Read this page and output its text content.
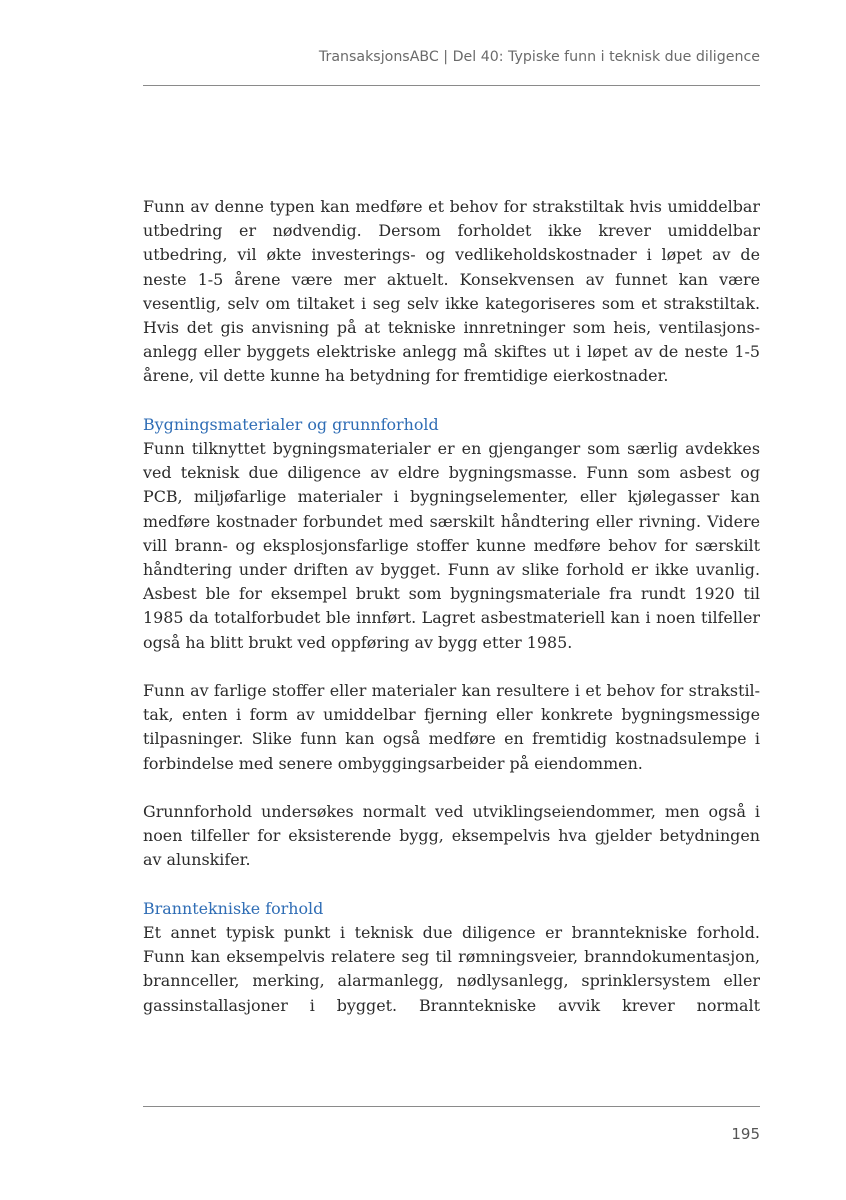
TransaksjonsABC | Del 40: Typiske funn i teknisk due diligence

Funn av denne typen kan medføre et behov for strakstiltak hvis umiddelbar utbedring er nødvendig. Dersom forholdet ikke krever umiddelbar utbedring, vil økte investerings- og vedlikeholdskostnader i løpet av de neste 1-5 årene være mer aktuelt. Konsekvensen av funnet kan være vesentlig, selv om tiltaket i seg selv ikke kategoriseres som et strakstiltak. Hvis det gis anvisning på at tekniske innretninger som heis, ventilasjonsanlegg eller byggets elektriske anlegg må skiftes ut i løpet av de neste 1-5 årene, vil dette kunne ha betydning for fremtidige eierkostnader.

Bygningsmaterialer og grunnforhold

Funn tilknyttet bygningsmaterialer er en gjenganger som særlig avdekkes ved teknisk due diligence av eldre bygningsmasse. Funn som asbest og PCB, miljøfarlige materialer i bygningselementer, eller kjølegasser kan medføre kostnader forbundet med særskilt håndtering eller rivning. Videre vill brann- og eksplosjonsfarlige stoffer kunne medføre behov for særskilt håndtering under driften av bygget. Funn av slike forhold er ikke uvanlig. Asbest ble for eksempel brukt som bygningsmateriale fra rundt 1920 til 1985 da totalforbudet ble innført. Lagret asbestmateriell kan i noen tilfeller også ha blitt brukt ved oppføring av bygg etter 1985.

Funn av farlige stoffer eller materialer kan resultere i et behov for strakstiltak, enten i form av umiddelbar fjerning eller konkrete bygningsmessige tilpasninger. Slike funn kan også medføre en fremtidig kostnadsulempe i forbindelse med senere ombyggingsarbeider på eiendommen.

Grunnforhold undersøkes normalt ved utviklingseiendommer, men også i noen tilfeller for eksisterende bygg, eksempelvis hva gjelder betydningen av alunskifer.

Branntekniske forhold

Et annet typisk punkt i teknisk due diligence er branntekniske forhold. Funn kan eksempelvis relatere seg til rømningsveier, branndokumentasjon, brannceller, merking, alarmanlegg, nødlysanlegg, sprinklersystem eller gassinstallasjoner i bygget. Branntekniske avvik krever normalt

195
